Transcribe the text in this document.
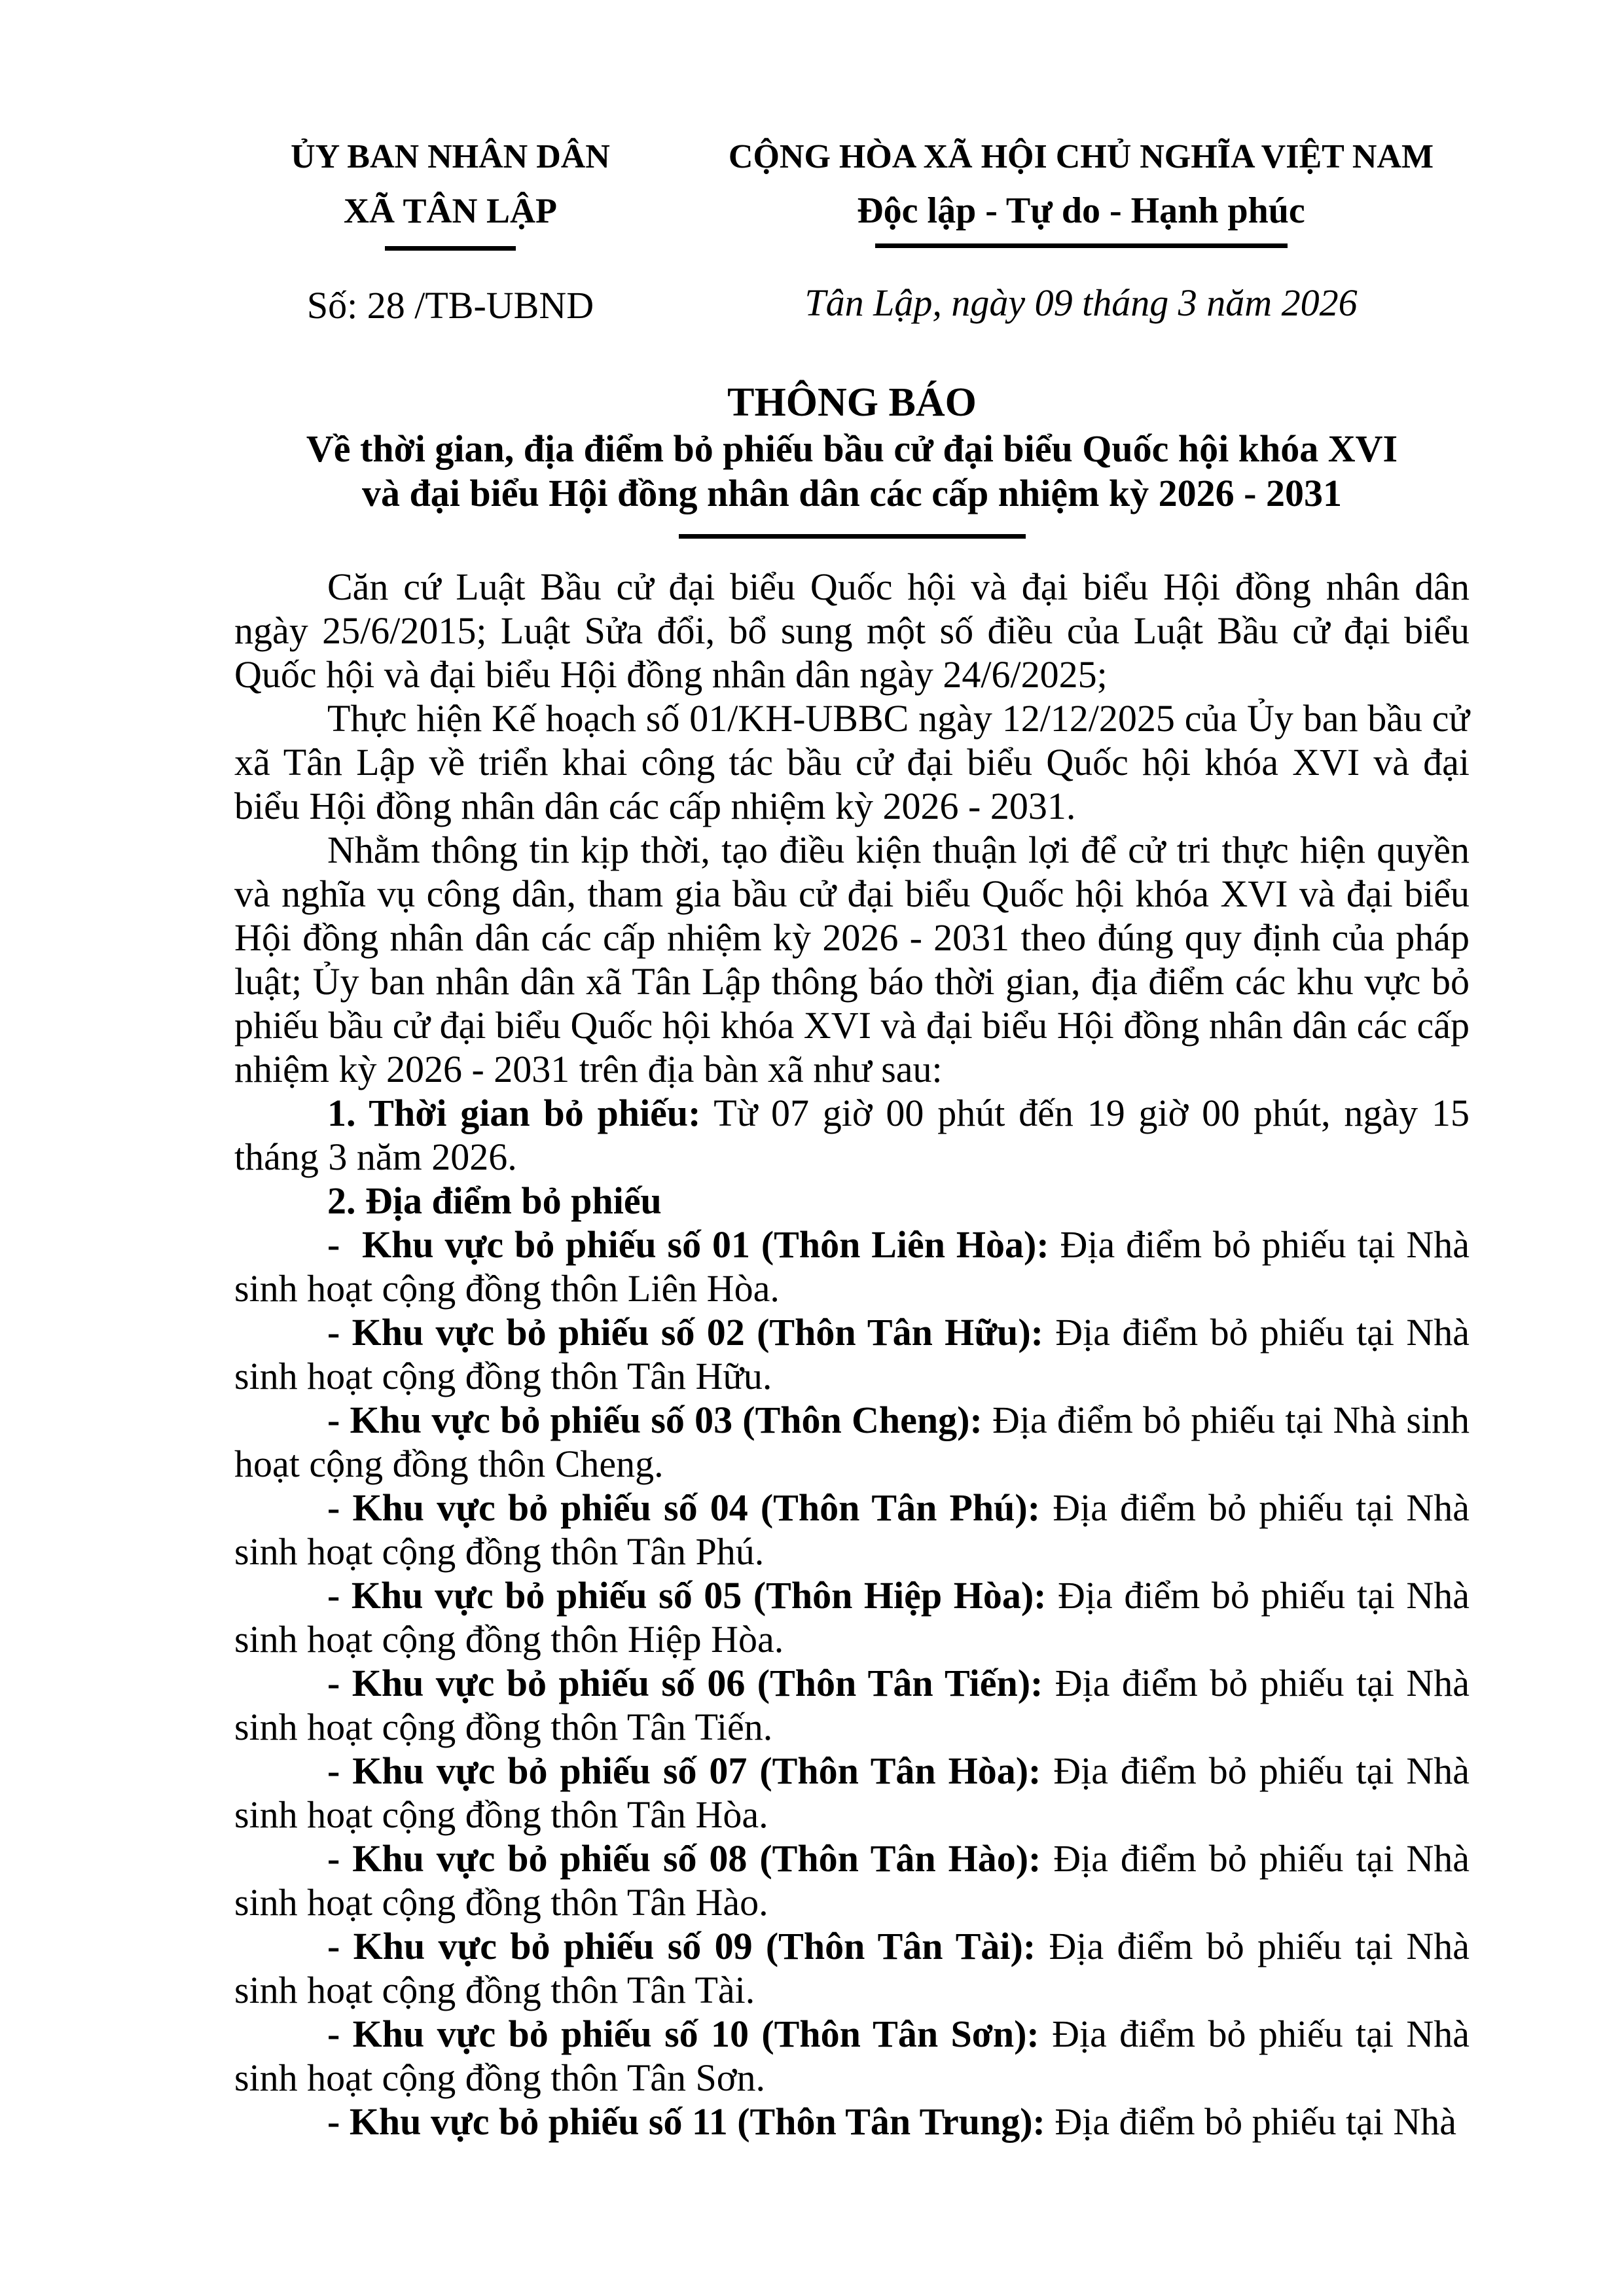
ỦY BAN NHÂN DÂN
XÃ TÂN LẬP
Số: 28 /TB-UBND
CỘNG HÒA XÃ HỘI CHỦ NGHĨA VIỆT NAM
Độc lập - Tự do - Hạnh phúc
Tân Lập, ngày 09 tháng 3 năm 2026
THÔNG BÁO
Về thời gian, địa điểm bỏ phiếu bầu cử đại biểu Quốc hội khóa XVI
và đại biểu Hội đồng nhân dân các cấp nhiệm kỳ 2026 - 2031

Căn cứ Luật Bầu cử đại biểu Quốc hội và đại biểu Hội đồng nhân dân ngày 25/6/2015; Luật Sửa đổi, bổ sung một số điều của Luật Bầu cử đại biểu Quốc hội và đại biểu Hội đồng nhân dân ngày 24/6/2025;

Thực hiện Kế hoạch số 01/KH-UBBC ngày 12/12/2025 của Ủy ban bầu cử xã Tân Lập về triển khai công tác bầu cử đại biểu Quốc hội khóa XVI và đại biểu Hội đồng nhân dân các cấp nhiệm kỳ 2026 - 2031.

Nhằm thông tin kịp thời, tạo điều kiện thuận lợi để cử tri thực hiện quyền và nghĩa vụ công dân, tham gia bầu cử đại biểu Quốc hội khóa XVI và đại biểu Hội đồng nhân dân các cấp nhiệm kỳ 2026 - 2031 theo đúng quy định của pháp luật; Ủy ban nhân dân xã Tân Lập thông báo thời gian, địa điểm các khu vực bỏ phiếu bầu cử đại biểu Quốc hội khóa XVI và đại biểu Hội đồng nhân dân các cấp nhiệm kỳ 2026 - 2031 trên địa bàn xã như sau:

1. Thời gian bỏ phiếu: Từ 07 giờ 00 phút đến 19 giờ 00 phút, ngày 15 tháng 3 năm 2026.

2. Địa điểm bỏ phiếu

-  Khu vực bỏ phiếu số 01 (Thôn Liên Hòa): Địa điểm bỏ phiếu tại Nhà sinh hoạt cộng đồng thôn Liên Hòa.

- Khu vực bỏ phiếu số 02 (Thôn Tân Hữu): Địa điểm bỏ phiếu tại Nhà sinh hoạt cộng đồng thôn Tân Hữu.

- Khu vực bỏ phiếu số 03 (Thôn Cheng): Địa điểm bỏ phiếu tại Nhà sinh hoạt cộng đồng thôn Cheng.

- Khu vực bỏ phiếu số 04 (Thôn Tân Phú): Địa điểm bỏ phiếu tại Nhà sinh hoạt cộng đồng thôn Tân Phú.

- Khu vực bỏ phiếu số 05 (Thôn Hiệp Hòa): Địa điểm bỏ phiếu tại Nhà sinh hoạt cộng đồng thôn Hiệp Hòa.

- Khu vực bỏ phiếu số 06 (Thôn Tân Tiến): Địa điểm bỏ phiếu tại Nhà sinh hoạt cộng đồng thôn Tân Tiến.

- Khu vực bỏ phiếu số 07 (Thôn Tân Hòa): Địa điểm bỏ phiếu tại Nhà sinh hoạt cộng đồng thôn Tân Hòa.

- Khu vực bỏ phiếu số 08 (Thôn Tân Hào): Địa điểm bỏ phiếu tại Nhà sinh hoạt cộng đồng thôn Tân Hào.

- Khu vực bỏ phiếu số 09 (Thôn Tân Tài): Địa điểm bỏ phiếu tại Nhà sinh hoạt cộng đồng thôn Tân Tài.

- Khu vực bỏ phiếu số 10 (Thôn Tân Sơn): Địa điểm bỏ phiếu tại Nhà sinh hoạt cộng đồng thôn Tân Sơn.

- Khu vực bỏ phiếu số 11 (Thôn Tân Trung): Địa điểm bỏ phiếu tại Nhà
